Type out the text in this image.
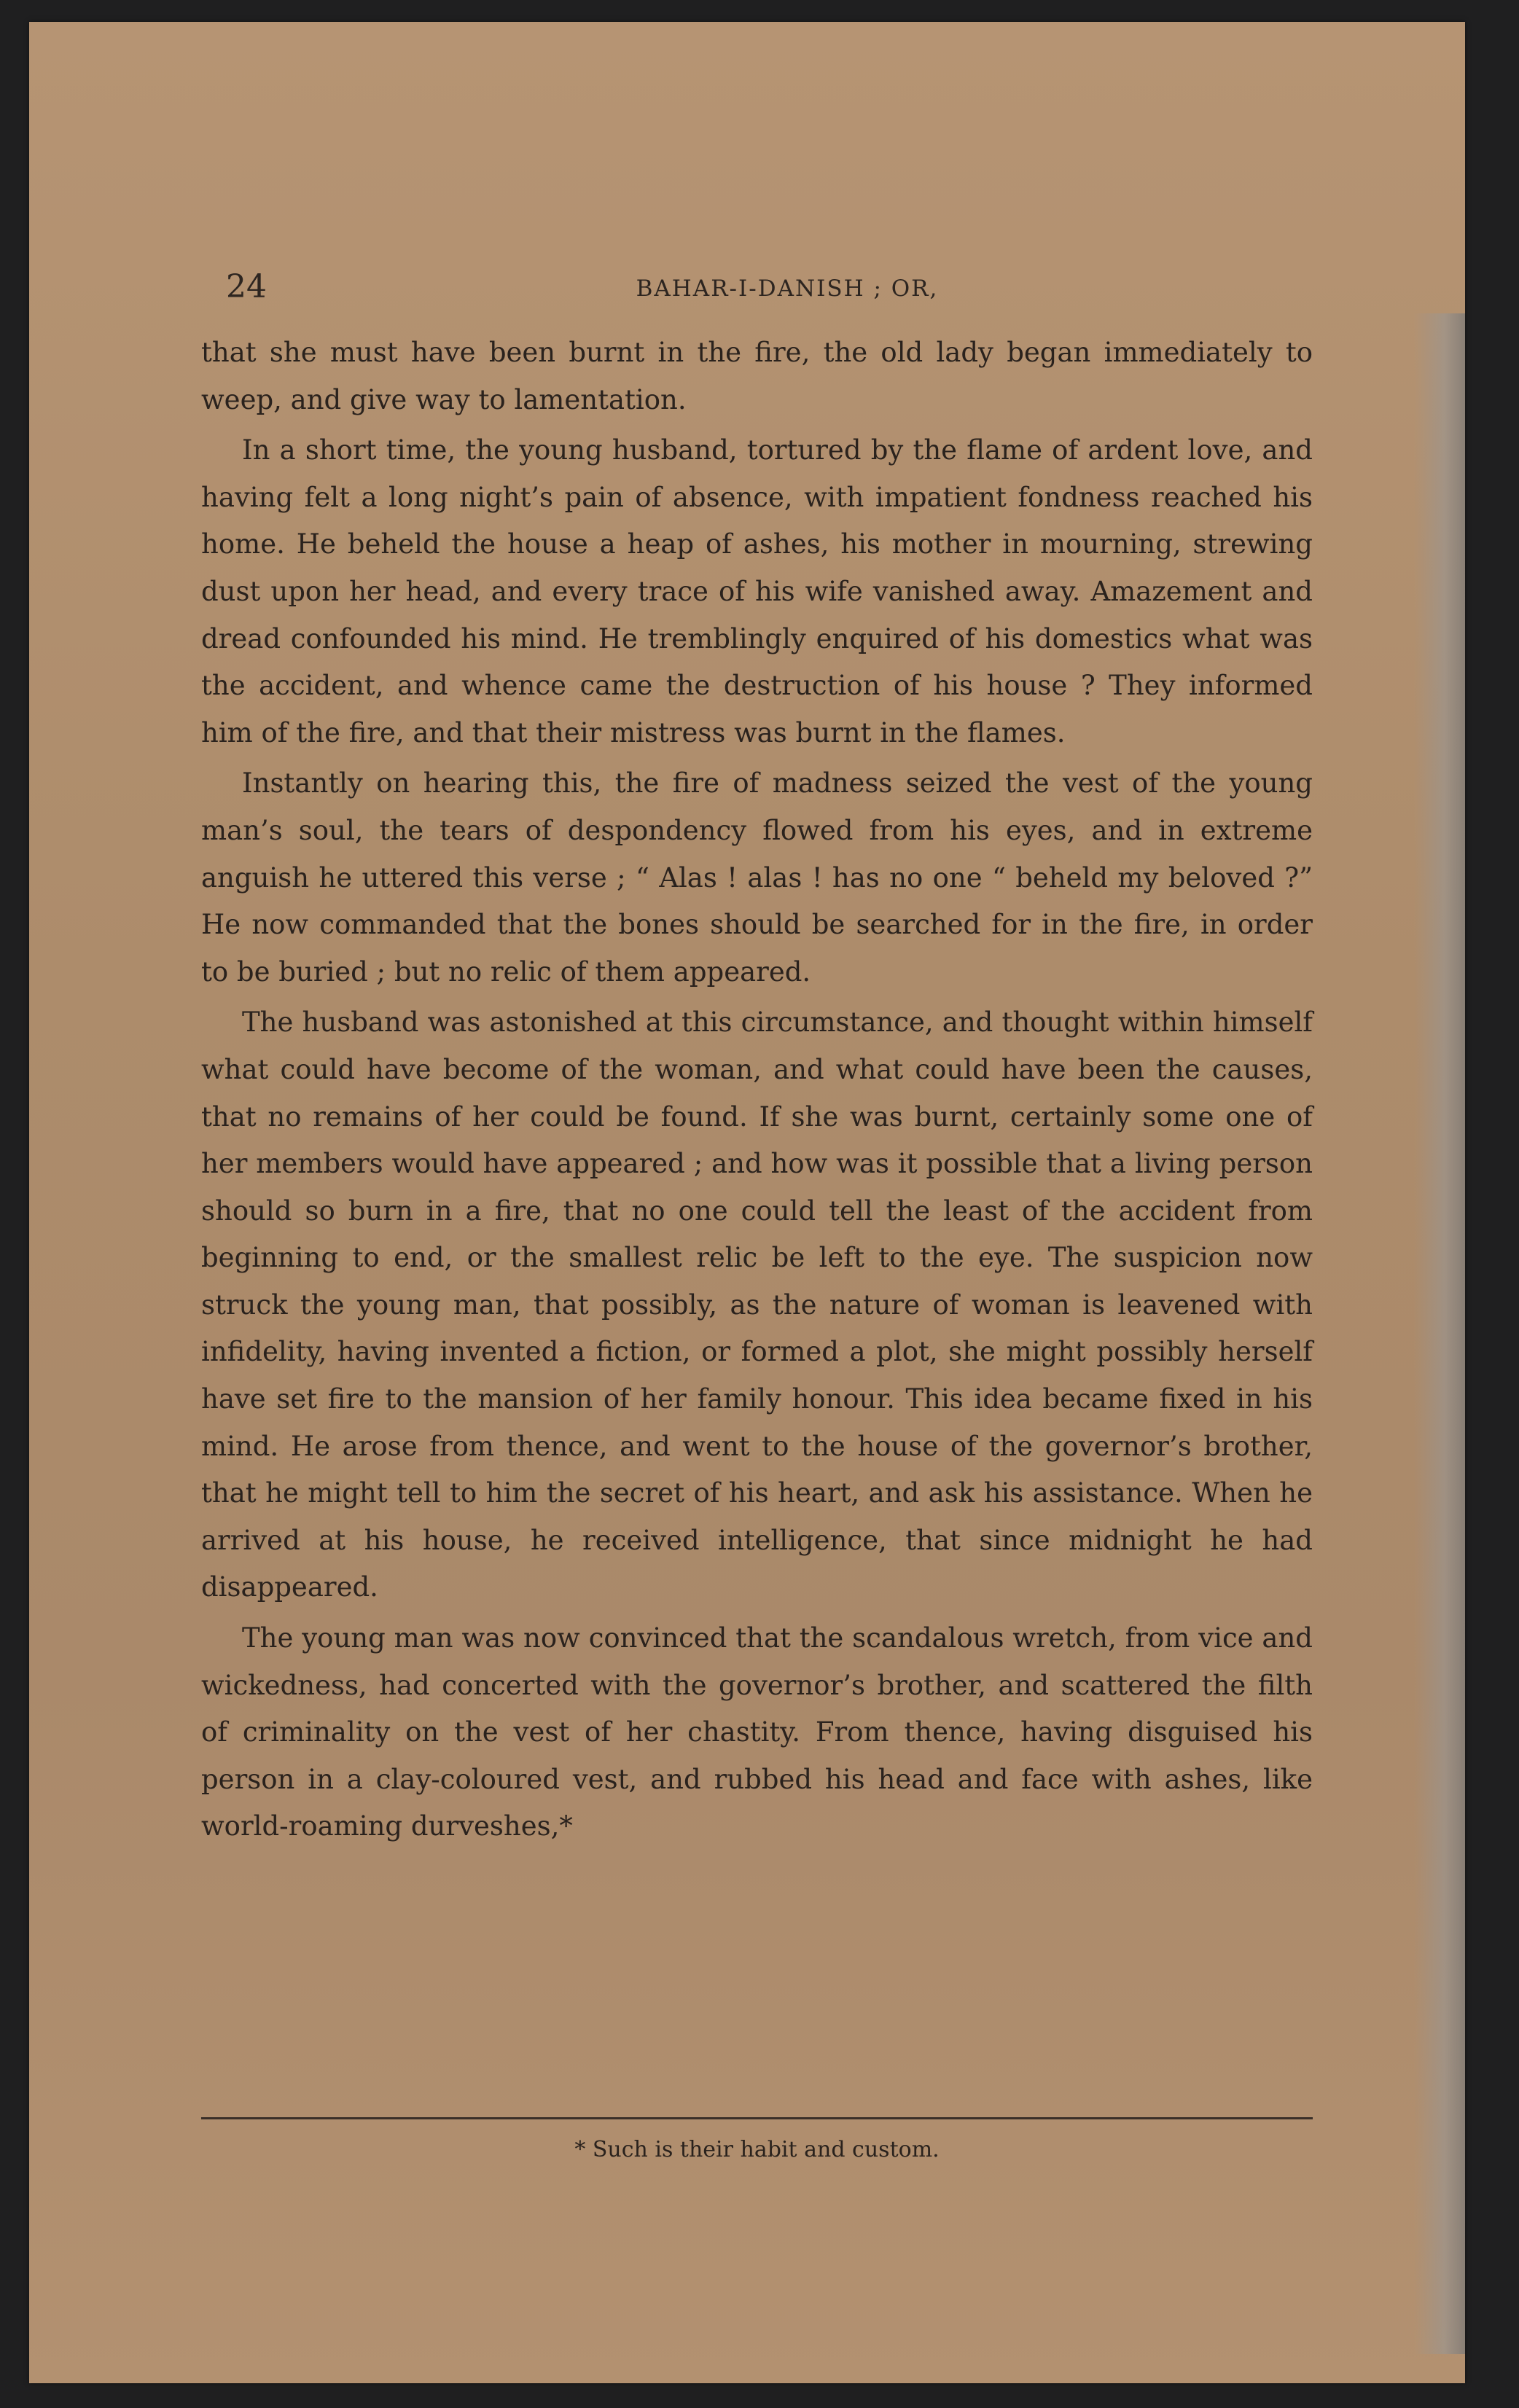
24	BAHAR-I-DANISH ; OR,

that she must have been burnt in the fire, the old lady began immediately to weep, and give way to lamentation.

In a short time, the young husband, tortured by the flame of ardent love, and having felt a long night’s pain of absence, with impatient fondness reached his home. He beheld the house a heap of ashes, his mother in mourning, strewing dust upon her head, and every trace of his wife vanished away. Amazement and dread confounded his mind. He tremblingly enquired of his domestics what was the accident, and whence came the destruction of his house ? They informed him of the fire, and that their mistress was burnt in the flames.

Instantly on hearing this, the fire of madness seized the vest of the young man’s soul, the tears of despondency flowed from his eyes, and in extreme anguish he uttered this verse ; “ Alas ! alas ! has no one “ beheld my beloved ?” He now commanded that the bones should be searched for in the fire, in order to be buried ; but no relic of them appeared.

The husband was astonished at this circumstance, and thought within himself what could have become of the woman, and what could have been the causes, that no remains of her could be found. If she was burnt, certainly some one of her members would have appeared ; and how was it possible that a living person should so burn in a fire, that no one could tell the least of the accident from beginning to end, or the smallest relic be left to the eye. The suspicion now struck the young man, that possibly, as the nature of woman is leavened with infidelity, having invented a fiction, or formed a plot, she might possibly herself have set fire to the mansion of her family honour. This idea became fixed in his mind. He arose from thence, and went to the house of the governor’s brother, that he might tell to him the secret of his heart, and ask his assistance. When he arrived at his house, he received intelligence, that since midnight he had disappeared.

The young man was now convinced that the scandalous wretch, from vice and wickedness, had concerted with the governor’s brother, and scattered the filth of criminality on the vest of her chastity. From thence, having disguised his person in a clay-coloured vest, and rubbed his head and face with ashes, like world-roaming durveshes,*

* Such is their habit and custom.
